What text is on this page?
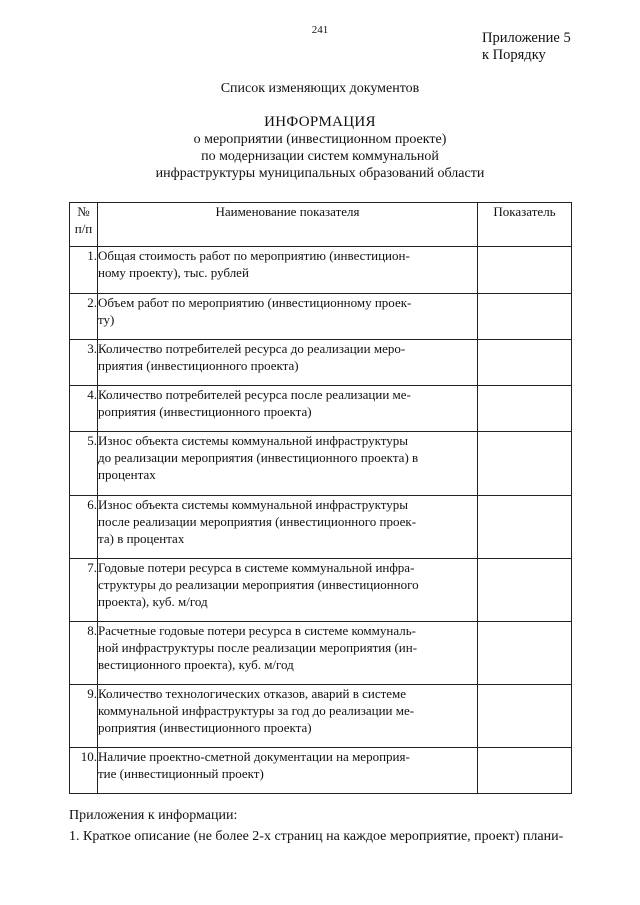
241	Приложение 5
к Порядку
Список изменяющих документов
ИНФОРМАЦИЯ
о мероприятии (инвестиционном проекте)
по модернизации систем коммунальной
инфраструктуры муниципальных образований области
№
п/п	Наименование показателя	Показатель
1.	Общая стоимость работ по мероприятию (инвестицион-
ному проекту), тыс. рублей	

2.	Объем работ по мероприятию (инвестиционному проек-
ту)	

3.	Количество потребителей ресурса до реализации меро-
приятия (инвестиционного проекта)	

4.	Количество потребителей ресурса после реализации ме-
роприятия (инвестиционного проекта)	

5.	Износ объекта системы коммунальной инфраструктуры
до реализации мероприятия (инвестиционного проекта) в
процентах	

6.	Износ объекта системы коммунальной инфраструктуры
после реализации мероприятия (инвестиционного проек-
та) в процентах	

7.	Годовые потери ресурса в системе коммунальной инфра-
структуры до реализации мероприятия (инвестиционного
проекта), куб. м/год	

8.	Расчетные годовые потери ресурса в системе коммуналь-
ной инфраструктуры после реализации мероприятия (ин-
вестиционного проекта), куб. м/год	

9.	Количество технологических отказов, аварий в системе
коммунальной инфраструктуры за год до реализации ме-
роприятия (инвестиционного проекта)	

10.	Наличие проектно-сметной документации на мероприя-
тие (инвестиционный проект)	

Приложения к информации:
1. Краткое описание (не более 2-х страниц на каждое мероприятие, проект) плани-
